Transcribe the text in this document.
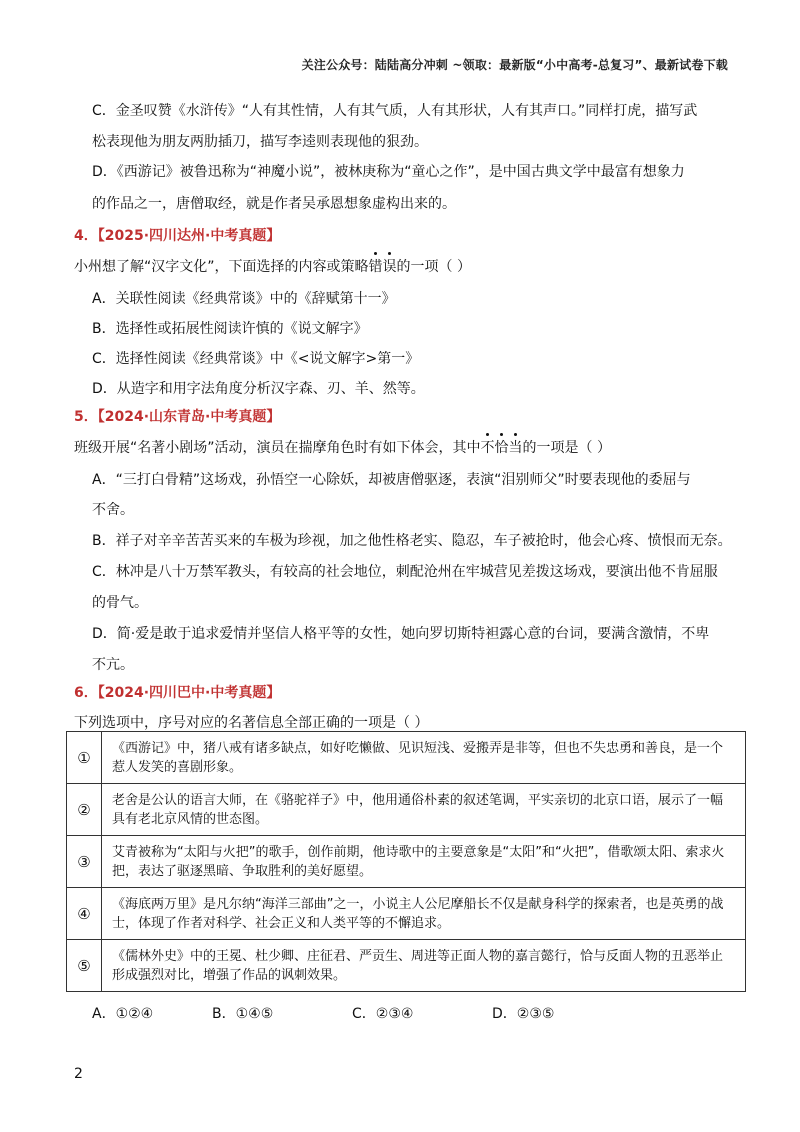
关注公众号：陆陆高分冲刺 ~领取：最新版“小中高考-总复习”、最新试卷下载
C．金圣叹赞《水浒传》“人有其性情，人有其气质，人有其形状，人有其声口。”同样打虎，描写武
松表现他为朋友两肋插刀，描写李逵则表现他的狠劲。
D．《西游记》被鲁迅称为“神魔小说”，被林庚称为“童心之作”，是中国古典文学中最富有想象力
的作品之一，唐僧取经，就是作者吴承恩想象虚构出来的。
4．【2025·四川达州·中考真题】
小州想了解“汉字文化”，下面选择的内容或策略错误的一项（ ）
A．关联性阅读《经典常谈》中的《辞赋第十一》
B．选择性或拓展性阅读许慎的《说文解字》
C．选择性阅读《经典常谈》中《<说文解字>第一》
D．从造字和用字法角度分析汉字森、刃、羊、然等。
5．【2024·山东青岛·中考真题】
班级开展“名著小剧场”活动，演员在揣摩角色时有如下体会，其中不恰当的一项是（ ）
A．“三打白骨精”这场戏，孙悟空一心除妖，却被唐僧驱逐，表演“泪别师父”时要表现他的委屈与
不舍。
B．祥子对辛辛苦苦买来的车极为珍视，加之他性格老实、隐忍，车子被抢时，他会心疼、愤恨而无奈。
C．林冲是八十万禁军教头，有较高的社会地位，刺配沧州在牢城营见差拨这场戏，要演出他不肯屈服
的骨气。
D．简·爱是敢于追求爱情并坚信人格平等的女性，她向罗切斯特袒露心意的台词，要满含激情，不卑
不亢。
6．【2024·四川巴中·中考真题】
下列选项中，序号对应的名著信息全部正确的一项是（ ）
①	《西游记》中，猪八戒有诸多缺点，如好吃懒做、见识短浅、爱搬弄是非等，但也不失忠勇和善良，是一个惹人发笑的喜剧形象。
②	老舍是公认的语言大师，在《骆驼祥子》中，他用通俗朴素的叙述笔调，平实亲切的北京口语，展示了一幅具有老北京风情的世态图。
③	艾青被称为“太阳与火把”的歌手，创作前期，他诗歌中的主要意象是“太阳”和“火把”，借歌颂太阳、索求火把，表达了驱逐黑暗、争取胜利的美好愿望。
④	《海底两万里》是凡尔纳“海洋三部曲”之一，小说主人公尼摩船长不仅是献身科学的探索者，也是英勇的战士，体现了作者对科学、社会正义和人类平等的不懈追求。
⑤	《儒林外史》中的王冕、杜少卿、庄征君、严贡生、周进等正面人物的嘉言懿行，恰与反面人物的丑恶举止形成强烈对比，增强了作品的讽刺效果。
A．①②④	B．①④⑤	C．②③④	D．②③⑤
2
